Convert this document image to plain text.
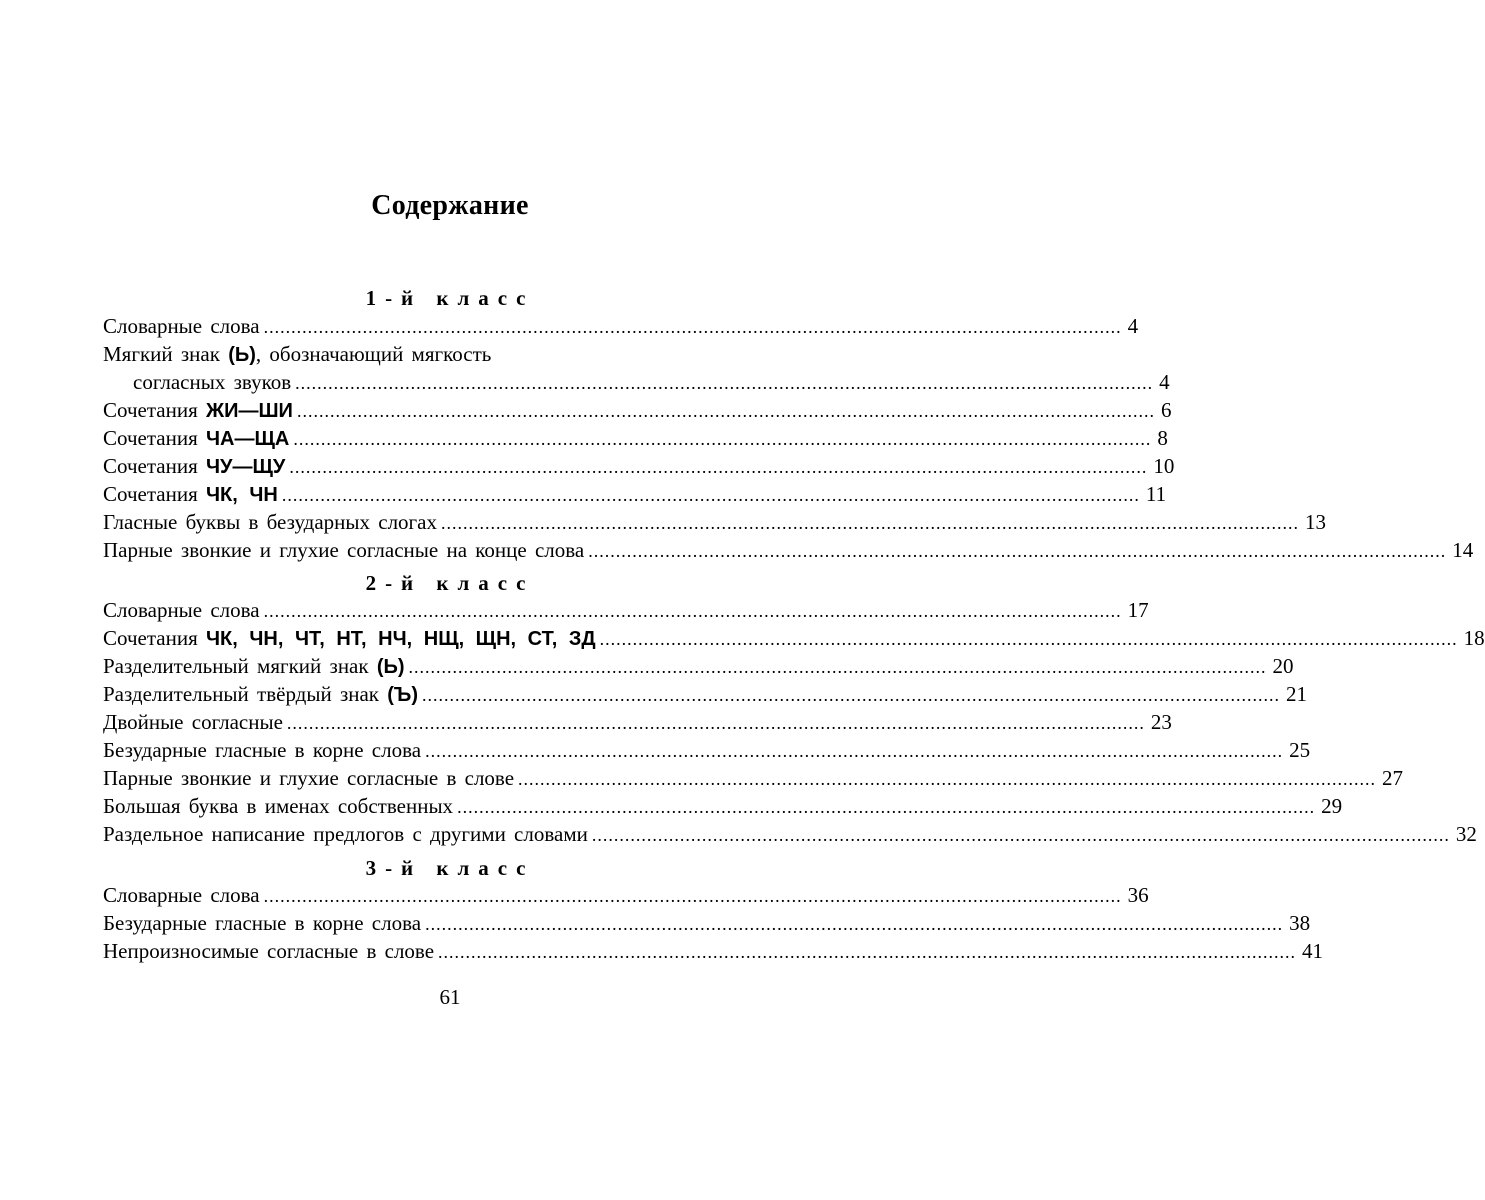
Содержание
1-й класс
Словарные слова ............................................................................................................................................................ 4
Мягкий знак (Ь), обозначающий мягкость
согласных звуков ............................................................................................................................................................ 4
Сочетания ЖИ—ШИ ............................................................................................................................................................ 6
Сочетания ЧА—ЩА ............................................................................................................................................................ 8
Сочетания ЧУ—ЩУ ............................................................................................................................................................ 10
Сочетания ЧК, ЧН ............................................................................................................................................................ 11
Гласные буквы в безударных слогах ............................................................................................................................................................ 13
Парные звонкие и глухие согласные на конце слова ............................................................................................................................................................ 14
2-й класс
Словарные слова ............................................................................................................................................................ 17
Сочетания ЧК, ЧН, ЧТ, НТ, НЧ, НЩ, ЩН, СТ, ЗД ............................................................................................................................................................ 18
Разделительный мягкий знак (Ь) ............................................................................................................................................................ 20
Разделительный твёрдый знак (Ъ) ............................................................................................................................................................ 21
Двойные согласные ............................................................................................................................................................ 23
Безударные гласные в корне слова ............................................................................................................................................................ 25
Парные звонкие и глухие согласные в слове ............................................................................................................................................................ 27
Большая буква в именах собственных ............................................................................................................................................................ 29
Раздельное написание предлогов с другими словами ............................................................................................................................................................ 32
3-й класс
Словарные слова ............................................................................................................................................................ 36
Безударные гласные в корне слова ............................................................................................................................................................ 38
Непроизносимые согласные в слове ............................................................................................................................................................ 41
61
